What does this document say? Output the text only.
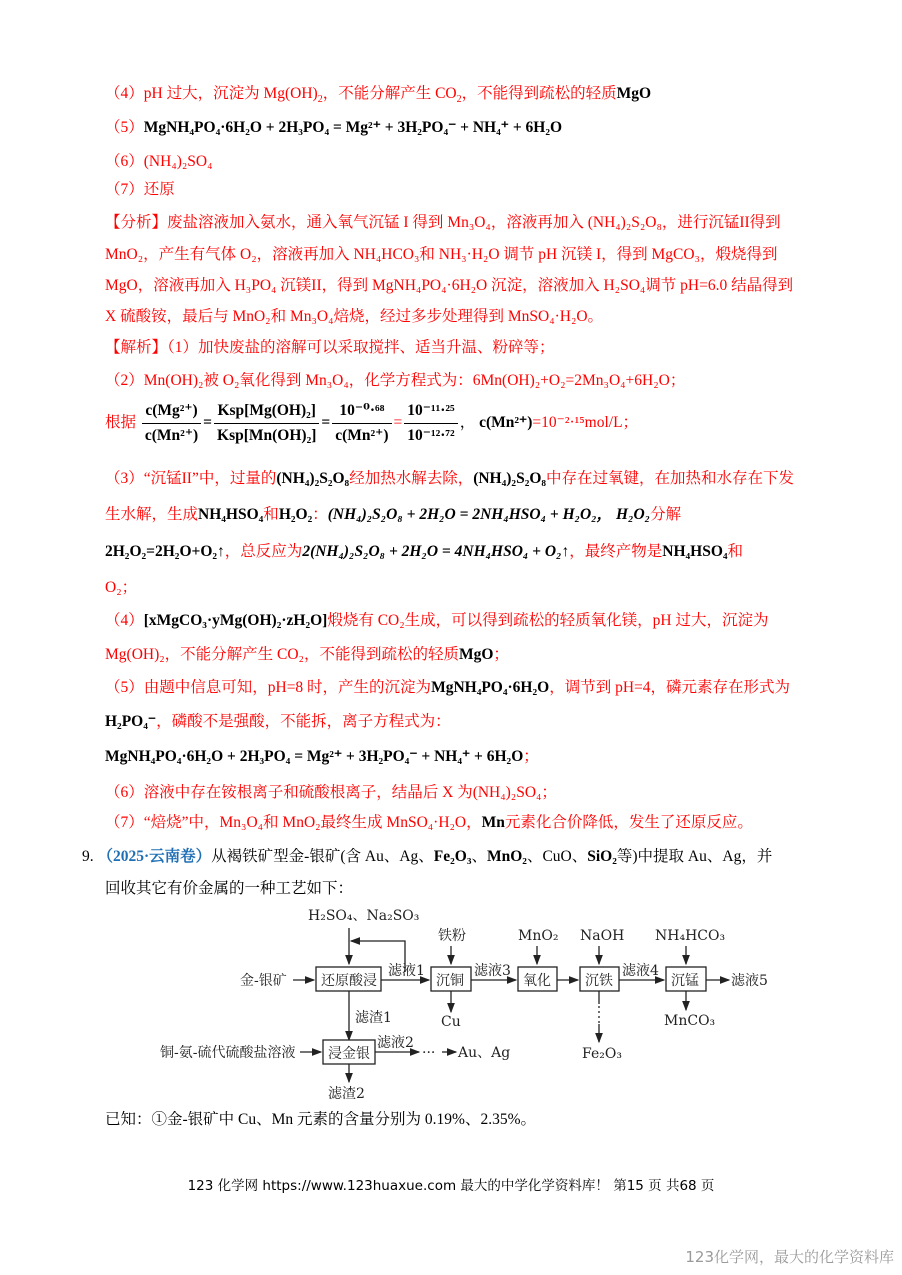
（4）pH 过大，沉淀为 $Mg(OH)_2$，不能分解产生 $CO_2$，不能得到疏松的轻质MgO
（5）MgNH₄PO₄·6H₂O + 2H₃PO₄ = Mg²⁺ + 3H₂PO₄⁻ + NH₄⁺ + 6H₂O
（6）(NH₄)₂SO₄
（7）还原
【分析】废盐溶液加入氨水，通入氧气沉锰 I 得到 Mn₃O₄，溶液再加入 (NH₄)₂S₂O₈，进行沉锰II得到
MnO₂，产生有气体 O₂，溶液再加入 NH₄HCO₃和 NH₃·H₂O 调节 pH 沉镁 I，得到 MgCO₃，煅烧得到
MgO，溶液再加入 H₃PO₄ 沉镁II，得到 MgNH₄PO₄·6H₂O 沉淀，溶液加入 H₂SO₄调节 pH=6.0 结晶得到
X 硫酸铵，最后与 MnO₂和 Mn₃O₄焙烧，经过多步处理得到 MnSO₄·H₂O。
【解析】（1）加快废盐的溶解可以采取搅拌、适当升温、粉碎等；
（2）Mn(OH)₂被 O₂氧化得到 Mn₃O₄，化学方程式为：6Mn(OH)₂+O₂=2Mn₃O₄+6H₂O；
根据 $\frac{\text{c(Mg²⁺)}}{\text{c(Mn²⁺)}} = \frac{\text{Ksp[Mg(OH)₂]}}{\text{Ksp[Mn(OH)₂]}} = \frac{\text{10⁻⁰·⁶⁸}}{\text{c(Mn²⁺)}} = \frac{\text{10⁻¹¹·²⁵}}{\text{10⁻¹²·⁷²}}$ ， c(Mn²⁺)=10⁻²·¹⁵mol/L；
（3）“沉锰II”中，过量的(NH₄)₂S₂O₈经加热水解去除，(NH₄)₂S₂O₈中存在过氧键，在加热和水存在下发
生水解，生成NH₄HSO₄和H₂O₂：(NH₄)₂S₂O₈ + 2H₂O = 2NH₄HSO₄ + H₂O₂， H₂O₂分解
2H₂O₂=2H₂O+O₂↑，总反应为2(NH₄)₂S₂O₈ + 2H₂O = 4NH₄HSO₄ + O₂↑，最终产物是NH₄HSO₄和
O₂；
（4）[xMgCO₃·yMg(OH)₂·zH₂O]煅烧有 CO₂生成，可以得到疏松的轻质氧化镁，pH 过大，沉淀为
Mg(OH)₂，不能分解产生 CO₂，不能得到疏松的轻质MgO；
（5）由题中信息可知，pH=8 时，产生的沉淀为MgNH₄PO₄·6H₂O，调节到 pH=4，磷元素存在形式为
H₂PO₄⁻，磷酸不是强酸，不能拆，离子方程式为：
MgNH₄PO₄·6H₂O + 2H₃PO₄ = Mg²⁺ + 3H₂PO₄⁻ + NH₄⁺ + 6H₂O；
（6）溶液中存在铵根离子和硫酸根离子，结晶后 X 为(NH₄)₂SO₄；
（7）“焙烧”中，Mn₃O₄和 MnO₂最终生成 MnSO₄·H₂O，Mn元素化合价降低，发生了还原反应。
9. （2025·云南卷）从褐铁矿型金-银矿(含 Au、Ag、Fe₂O₃、MnO₂、CuO、SiO₂等)中提取 Au、Ag，并
回收其它有价金属的一种工艺如下：
H₂SO₄、Na₂SO₃
金-银矿 还原酸浸
滤液1
铁粉
沉铜
Cu
滤液3
MnO₂
氧化
NaOH
沉铁
Fe₂O₃
滤液4
NH₄HCO₃
沉锰
MnCO₃
滤液5
滤渣1
铜-氨-硫代硫酸盐溶液 浸金银
滤液2
··· Au、Ag
滤渣2
已知：①金-银矿中 Cu、Mn 元素的含量分别为 0.19%、2.35%。
123 化学网 https://www.123huaxue.com 最大的中学化学资料库！ 第15 页 共68 页
123化学网，最大的化学资料库
